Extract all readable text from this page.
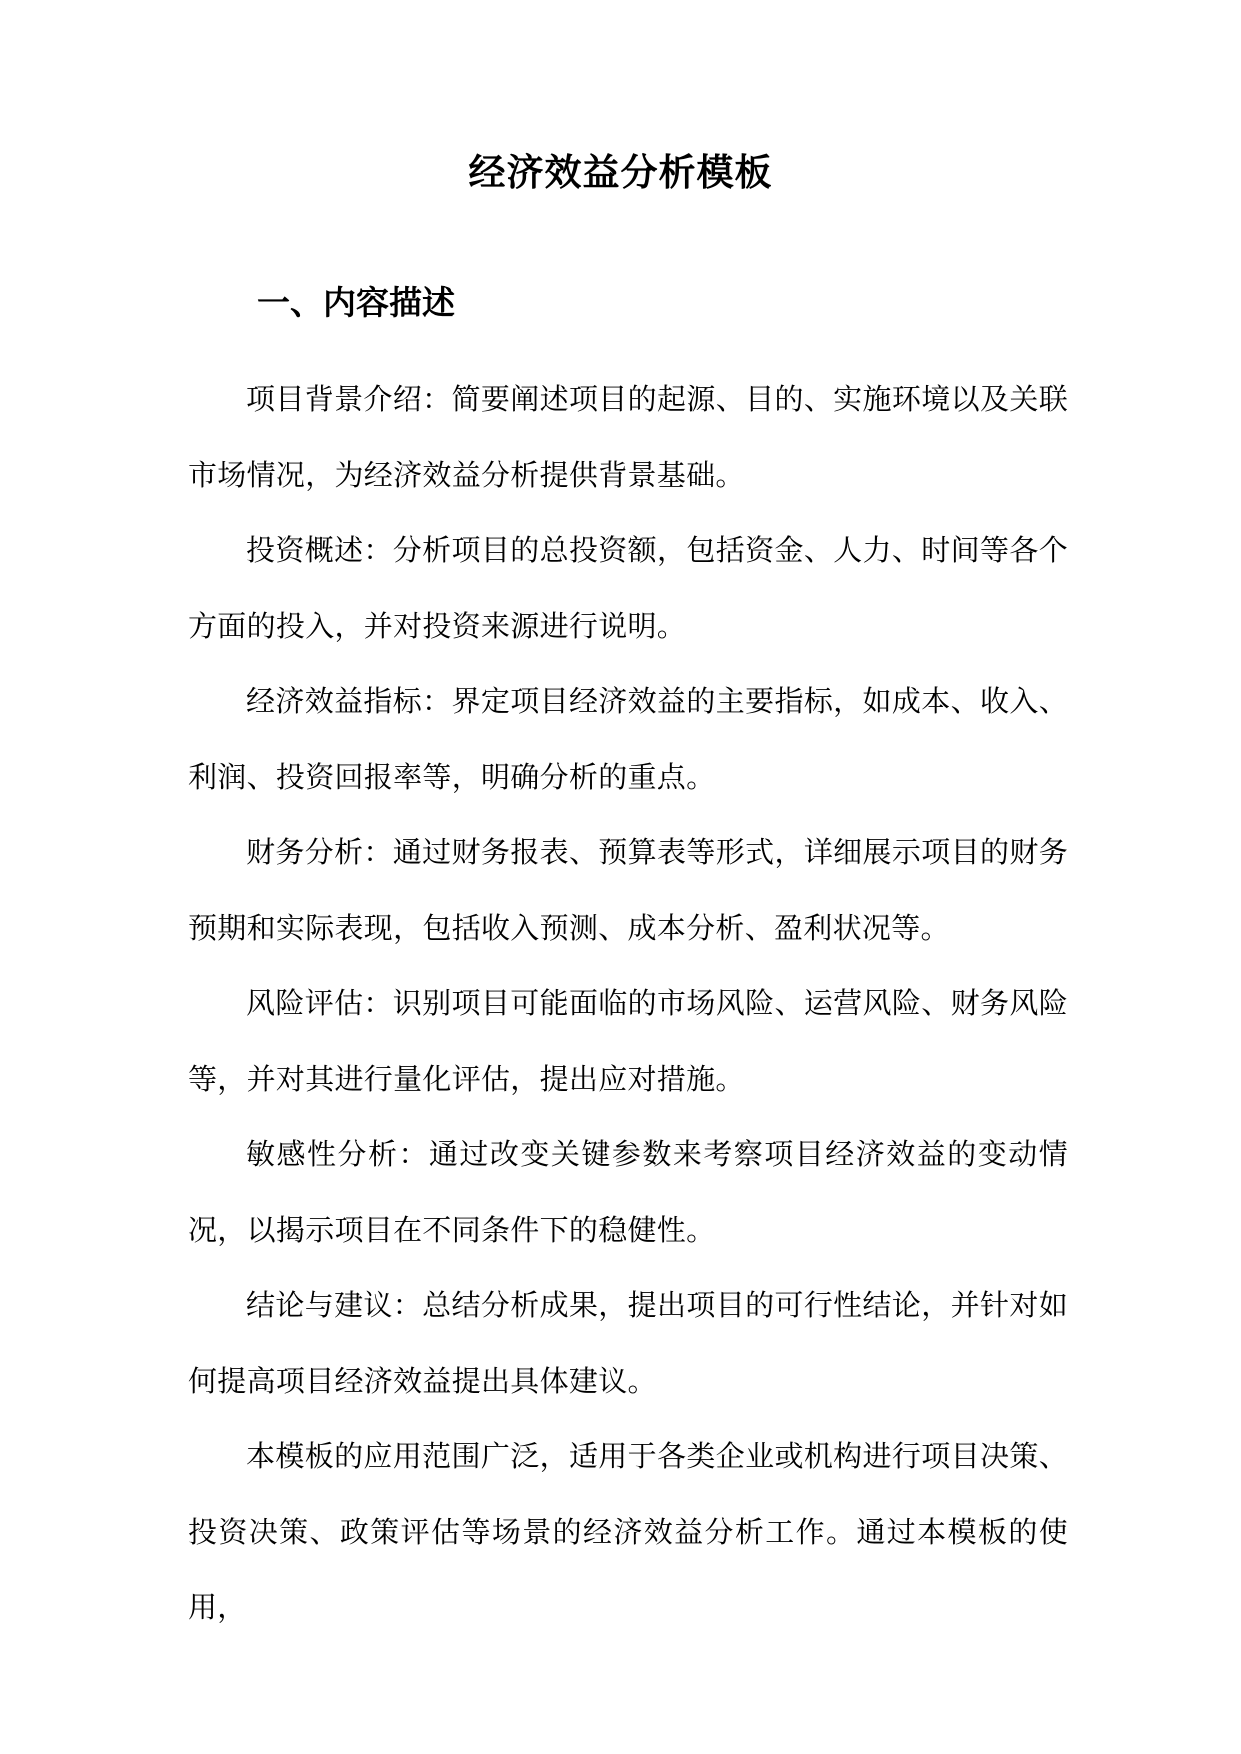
经济效益分析模板
一、内容描述

项目背景介绍：简要阐述项目的起源、目的、实施环境以及关联市场情况，为经济效益分析提供背景基础。

投资概述：分析项目的总投资额，包括资金、人力、时间等各个方面的投入，并对投资来源进行说明。

经济效益指标：界定项目经济效益的主要指标，如成本、收入、利润、投资回报率等，明确分析的重点。

财务分析：通过财务报表、预算表等形式，详细展示项目的财务预期和实际表现，包括收入预测、成本分析、盈利状况等。

风险评估：识别项目可能面临的市场风险、运营风险、财务风险等，并对其进行量化评估，提出应对措施。

敏感性分析：通过改变关键参数来考察项目经济效益的变动情况，以揭示项目在不同条件下的稳健性。

结论与建议：总结分析成果，提出项目的可行性结论，并针对如何提高项目经济效益提出具体建议。

本模板的应用范围广泛，适用于各类企业或机构进行项目决策、投资决策、政策评估等场景的经济效益分析工作。通过本模板的使用，
